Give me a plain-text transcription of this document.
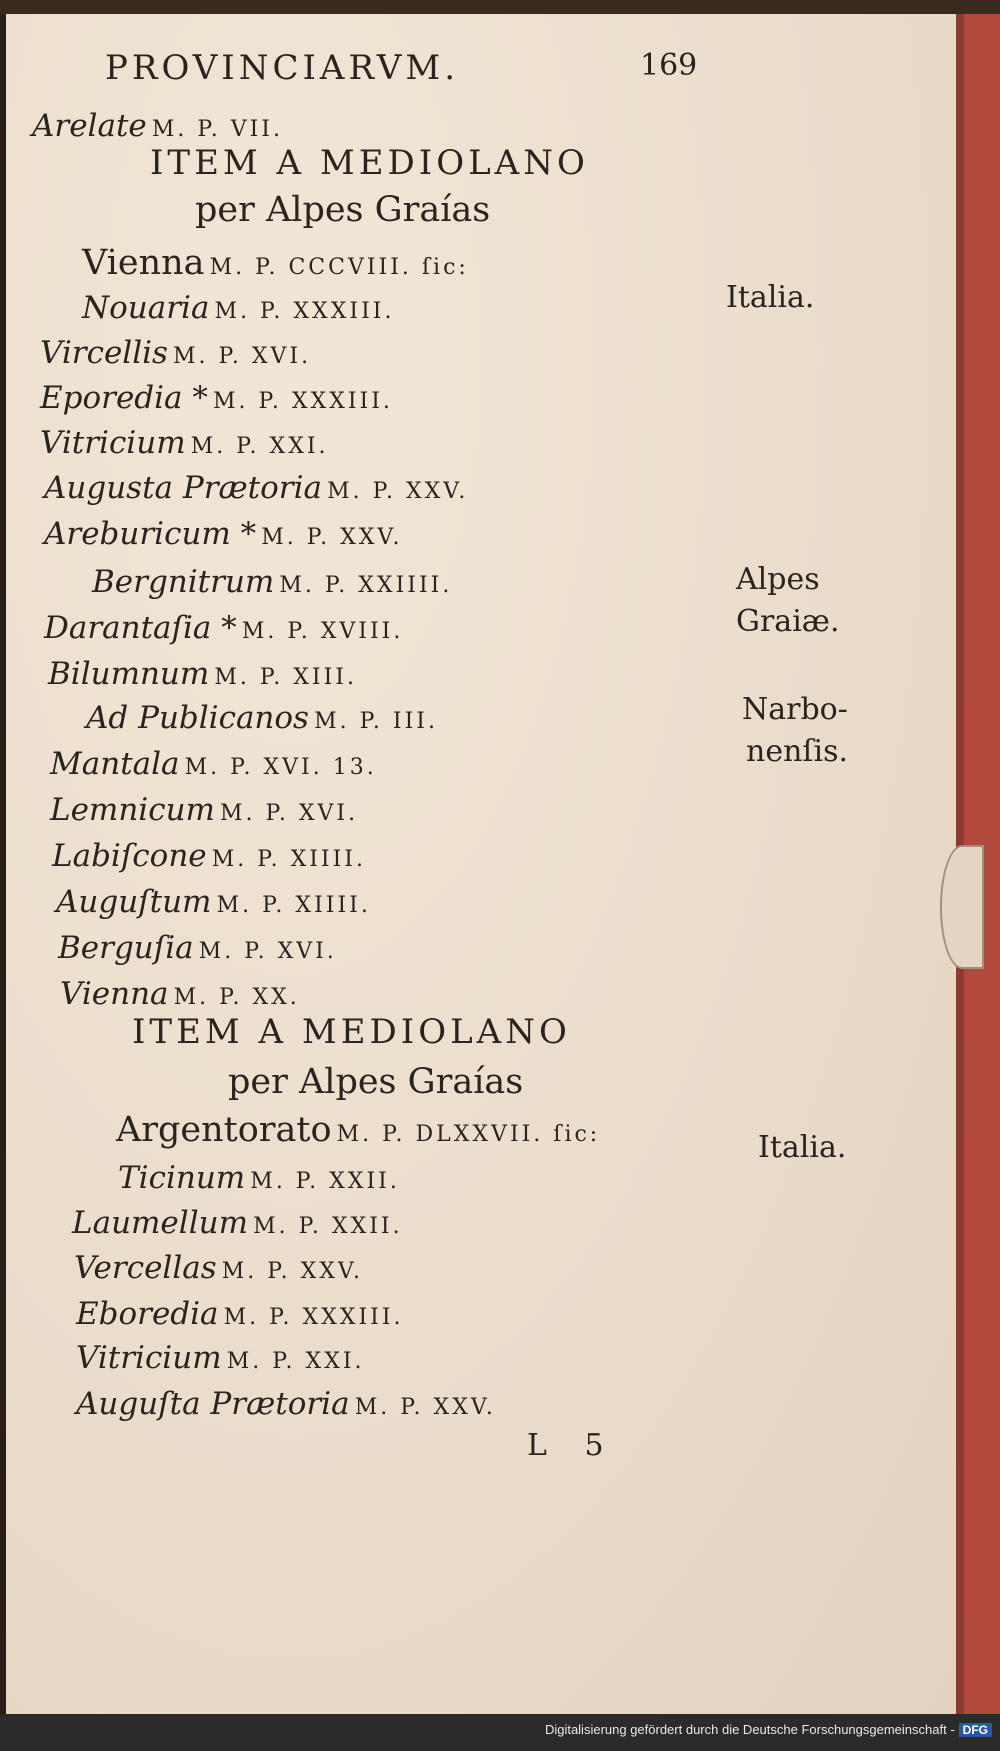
PROVINCIARVM.	169
Arelate M. P. VII.
ITEM A MEDIOLANO
per Alpes Graías
Vienna M. P. CCCVIII. ſic:
Nouaria M. P. XXXIII.
Vircellis M. P. XVI.
Eporedia * M. P. XXXIII.
Vitricium M. P. XXI.
Augusta Prætoria M. P. XXV.
Areburicum * M. P. XXV.
Bergnitrum M. P. XXIIII.
Darantaſia * M. P. XVIII.
Bilumnum M. P. XIII.
Ad Publicanos M. P. III.
Mantala M. P. XVI. 13.
Lemnicum M. P. XVI.
Labiſcone M. P. XIIII.
Auguſtum M. P. XIIII.
Berguſia M. P. XVI.
Vienna M. P. XX.
ITEM A MEDIOLANO
per Alpes Graías
Argentorato M. P. DLXXVII. ſic:
Ticinum M. P. XXII.
Laumellum M. P. XXII.
Vercellas M. P. XXV.
Eboredia M. P. XXXIII.
Vitricium M. P. XXI.
Auguſta Prætoria M. P. XXV.
Italia.
Alpes
Graiæ.
Narbo-
nenſis.
Italia.
L 5
Digitalisierung gefördert durch die Deutsche Forschungsgemeinschaft - DFG
